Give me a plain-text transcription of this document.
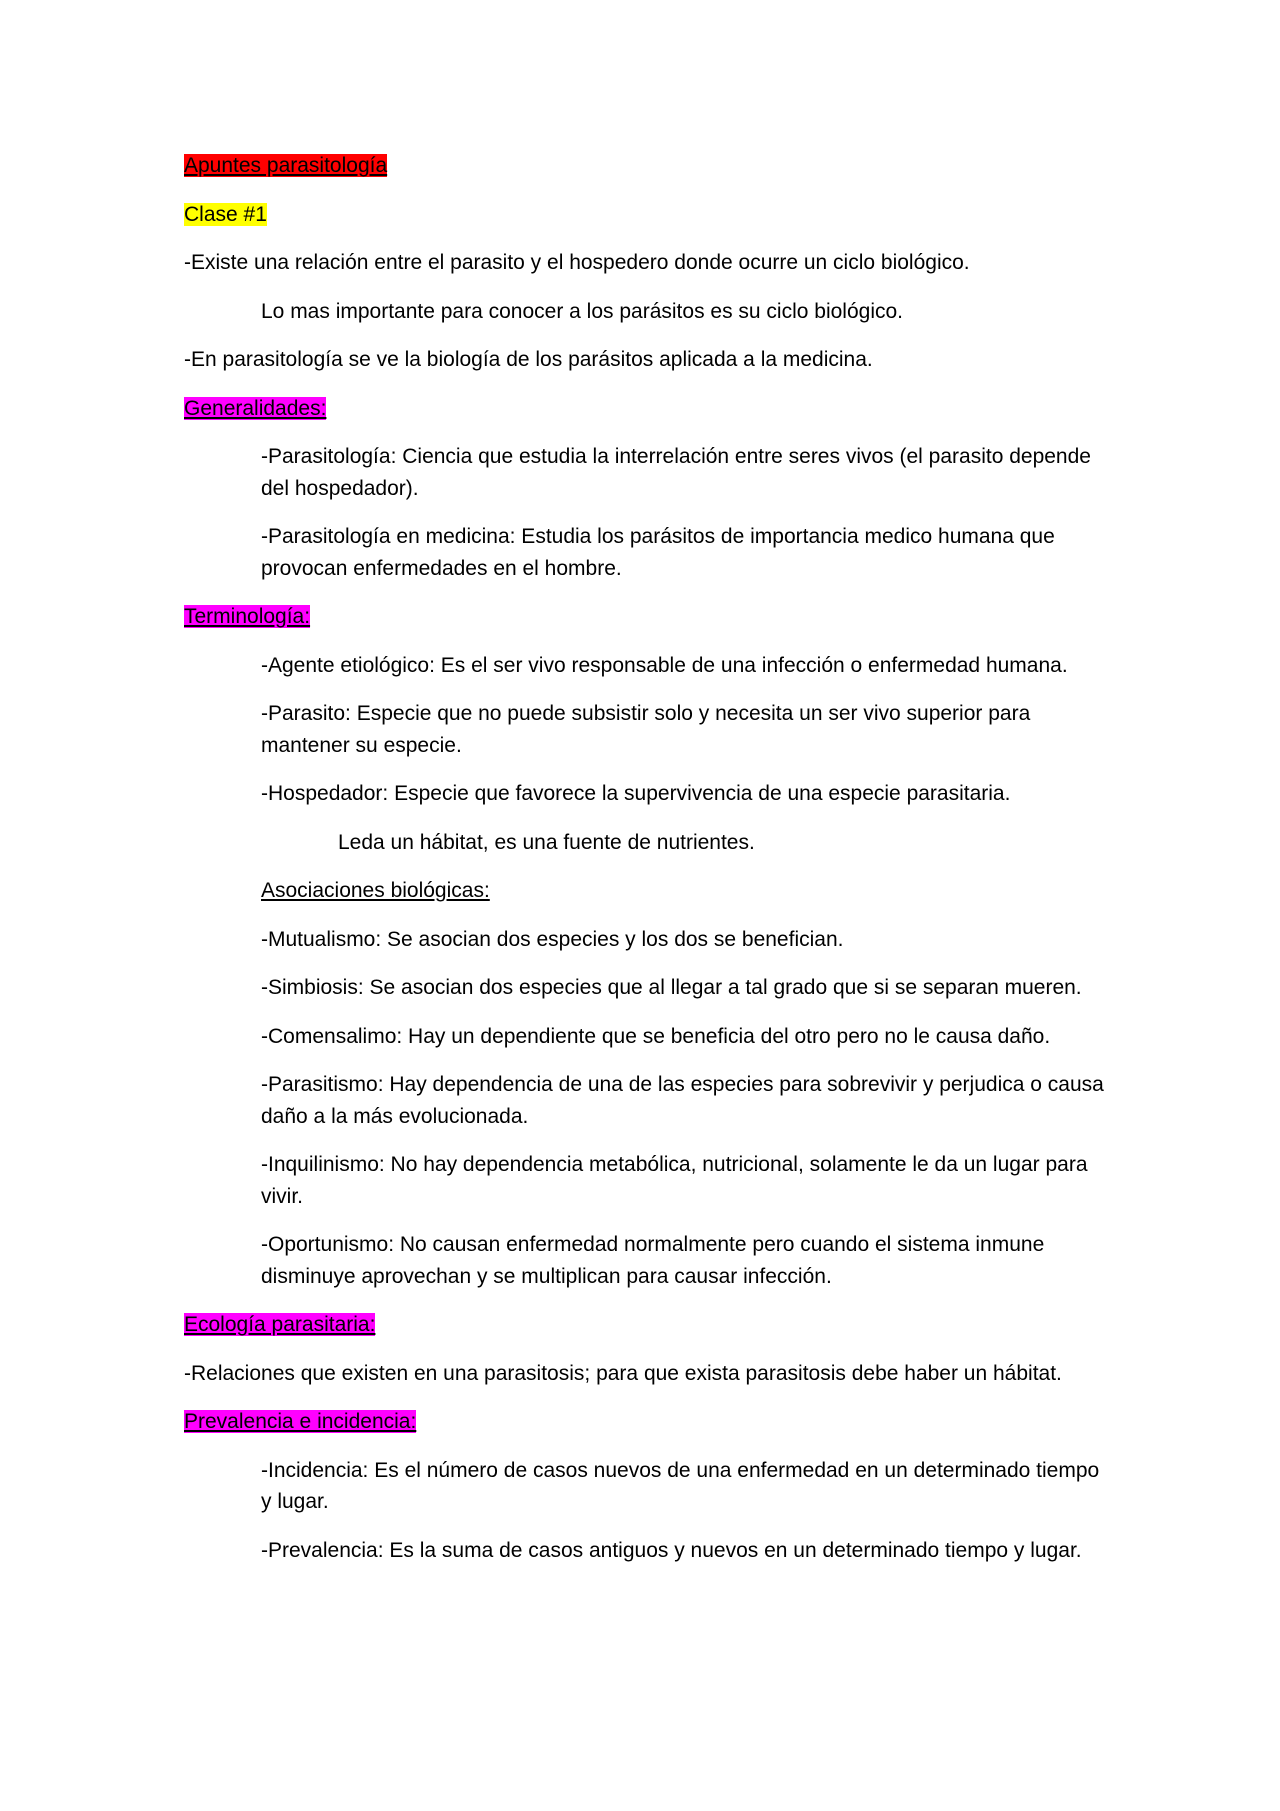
Apuntes parasitología

Clase #1

-Existe una relación entre el parasito y el hospedero donde ocurre un ciclo biológico.

Lo mas importante para conocer a los parásitos es su ciclo biológico.

-En parasitología se ve la biología de los parásitos aplicada a la medicina.

Generalidades:

-Parasitología: Ciencia que estudia la interrelación entre seres vivos (el parasito depende del hospedador).

-Parasitología en medicina: Estudia los parásitos de importancia medico humana que provocan enfermedades en el hombre.

Terminología:

-Agente etiológico: Es el ser vivo responsable de una infección o enfermedad humana.

-Parasito: Especie que no puede subsistir solo y necesita un ser vivo superior para mantener su especie.

-Hospedador: Especie que favorece la supervivencia de una especie parasitaria.

Leda un hábitat, es una fuente de nutrientes.

Asociaciones biológicas:

-Mutualismo: Se asocian dos especies y los dos se benefician.

-Simbiosis: Se asocian dos especies que al llegar a tal grado que si se separan mueren.

-Comensalimo: Hay un dependiente que se beneficia del otro pero no le causa daño.

-Parasitismo: Hay dependencia de una de las especies para sobrevivir y perjudica o causa daño a la más evolucionada.

-Inquilinismo: No hay dependencia metabólica, nutricional, solamente le da un lugar para vivir.

-Oportunismo: No causan enfermedad normalmente pero cuando el sistema inmune disminuye aprovechan y se multiplican para causar infección.

Ecología parasitaria:

-Relaciones que existen en una parasitosis; para que exista parasitosis debe haber un hábitat.

Prevalencia e incidencia:

-Incidencia: Es el número de casos nuevos de una enfermedad en un determinado tiempo y lugar.

-Prevalencia: Es la suma de casos antiguos y nuevos en un determinado tiempo y lugar.
